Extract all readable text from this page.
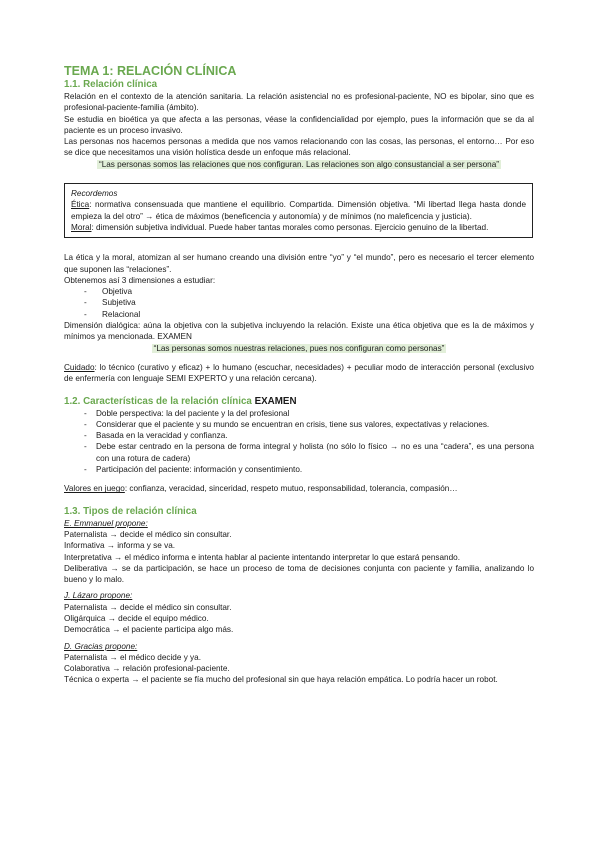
TEMA 1: RELACIÓN CLÍNICA
1.1. Relación clínica

Relación en el contexto de la atención sanitaria. La relación asistencial no es profesional-paciente, NO es bipolar, sino que es profesional-paciente-familia (ámbito).

Se estudia en bioética ya que afecta a las personas, véase la confidencialidad por ejemplo, pues la información que se da al paciente es un proceso invasivo.

Las personas nos hacemos personas a medida que nos vamos relacionando con las cosas, las personas, el entorno… Por eso se dice que necesitamos una visión holística desde un enfoque más relacional.

“Las personas somos las relaciones que nos configuran. Las relaciones son algo consustancial a ser persona”

Recordemos

Ética: normativa consensuada que mantiene el equilibrio. Compartida. Dimensión objetiva. “Mi libertad llega hasta donde empieza la del otro” → ética de máximos (beneficencia y autonomía) y de mínimos (no maleficencia y justicia).

Moral: dimensión subjetiva individual. Puede haber tantas morales como personas. Ejercicio genuino de la libertad.

La ética y la moral, atomizan al ser humano creando una división entre “yo” y “el mundo”, pero es necesario el tercer elemento que suponen las “relaciones”.

Obtenemos así 3 dimensiones a estudiar:

- Objetiva
- Subjetiva
- Relacional

Dimensión dialógica: aúna la objetiva con la subjetiva incluyendo la relación. Existe una ética objetiva que es la de máximos y mínimos ya mencionada. EXAMEN

“Las personas somos nuestras relaciones, pues nos configuran como personas”

Cuidado: lo técnico (curativo y eficaz) + lo humano (escuchar, necesidades) + peculiar modo de interacción personal (exclusivo de enfermería con lenguaje SEMI EXPERTO y una relación cercana).

1.2. Características de la relación clínica EXAMEN
- Doble perspectiva: la del paciente y la del profesional
- Considerar que el paciente y su mundo se encuentran en crisis, tiene sus valores, expectativas y relaciones.
- Basada en la veracidad y confianza.
- Debe estar centrado en la persona de forma integral y holista (no sólo lo físico → no es una “cadera”, es una persona con una rotura de cadera)
- Participación del paciente: información y consentimiento.

Valores en juego: confianza, veracidad, sinceridad, respeto mutuo, responsabilidad, tolerancia, compasión…

1.3. Tipos de relación clínica

E. Emmanuel propone:

Paternalista → decide el médico sin consultar.

Informativa → informa y se va.

Interpretativa → el médico informa e intenta hablar al paciente intentando interpretar lo que estará pensando.

Deliberativa → se da participación, se hace un proceso de toma de decisiones conjunta con paciente y familia, analizando lo bueno y lo malo.

J. Lázaro propone:

Paternalista → decide el médico sin consultar.

Oligárquica → decide el equipo médico.

Democrática → el paciente participa algo más.

D. Gracias propone:

Paternalista → el médico decide y ya.

Colaborativa → relación profesional-paciente.

Técnica o experta → el paciente se fía mucho del profesional sin que haya relación empática. Lo podría hacer un robot.
